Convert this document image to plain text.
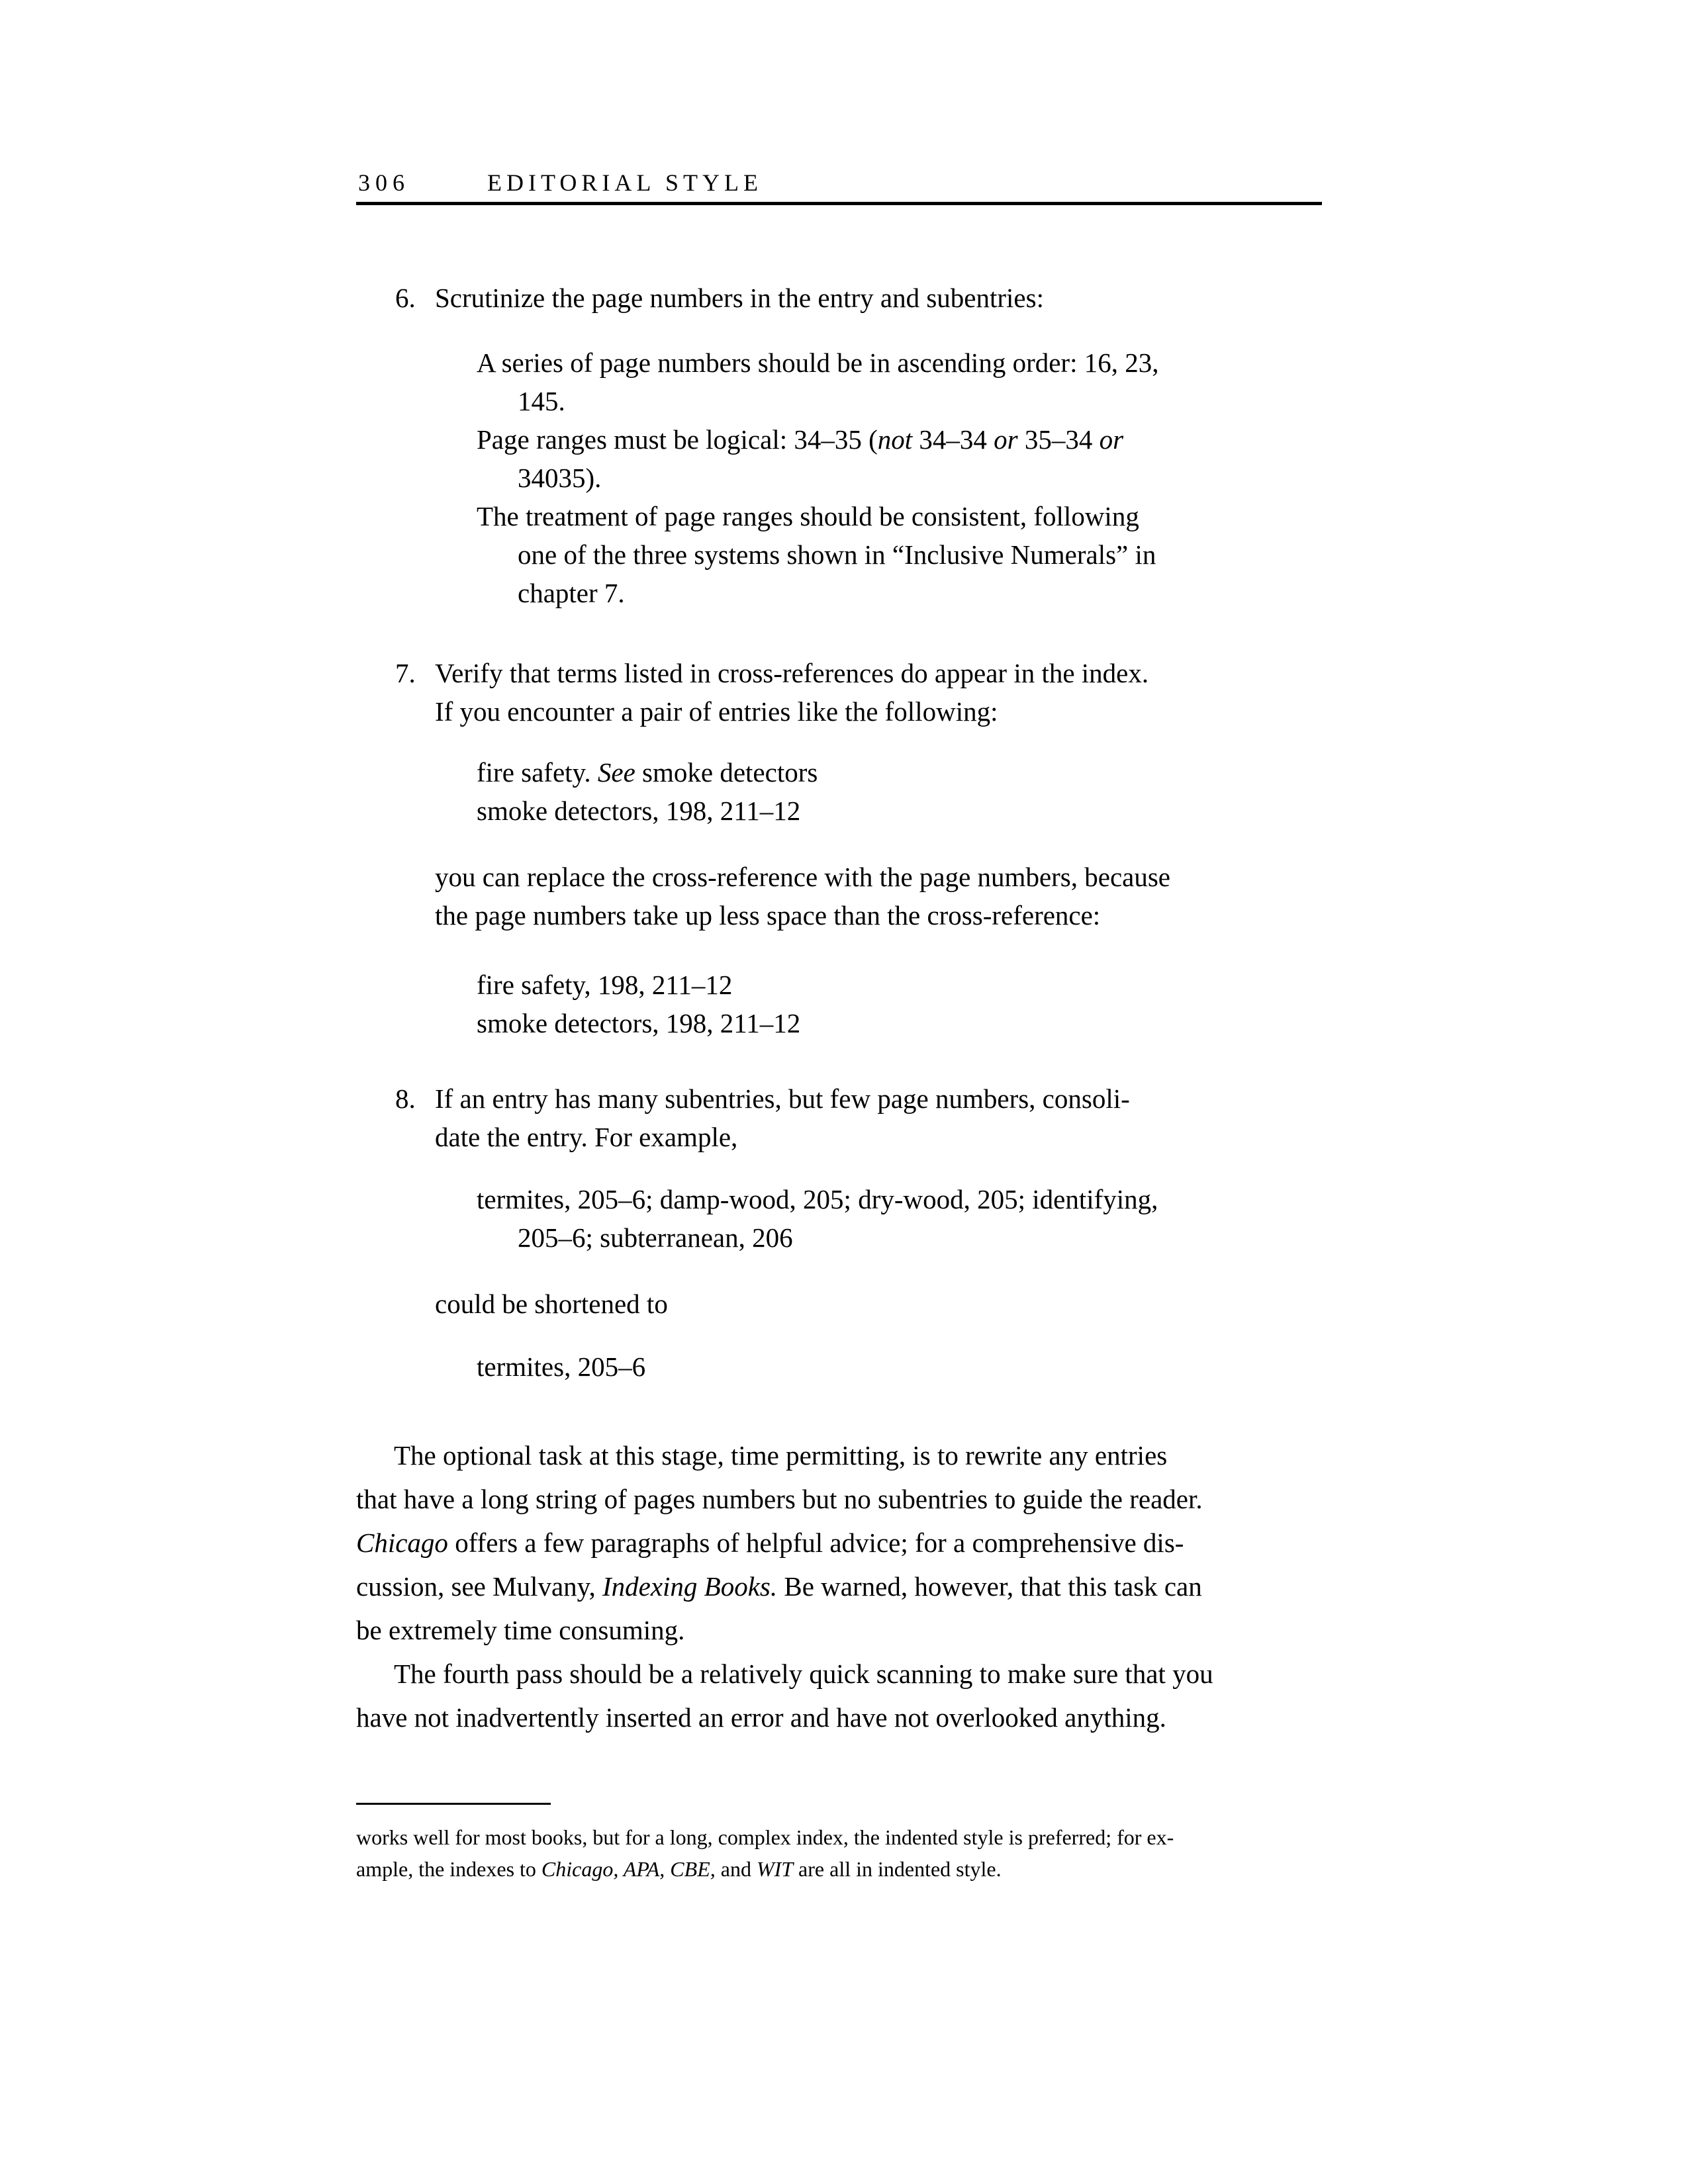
306	EDITORIAL STYLE
6. Scrutinize the page numbers in the entry and subentries:
A series of page numbers should be in ascending order: 16, 23,
145.
Page ranges must be logical: 34–35 (not 34–34 or 35–34 or
34035).
The treatment of page ranges should be consistent, following
one of the three systems shown in “Inclusive Numerals” in
chapter 7.
7. Verify that terms listed in cross-references do appear in the index.
If you encounter a pair of entries like the following:
fire safety. See smoke detectors
smoke detectors, 198, 211–12
you can replace the cross-reference with the page numbers, because
the page numbers take up less space than the cross-reference:
fire safety, 198, 211–12
smoke detectors, 198, 211–12
8. If an entry has many subentries, but few page numbers, consoli-
date the entry. For example,
termites, 205–6; damp-wood, 205; dry-wood, 205; identifying,
205–6; subterranean, 206
could be shortened to
termites, 205–6
The optional task at this stage, time permitting, is to rewrite any entries
that have a long string of pages numbers but no subentries to guide the reader.
Chicago offers a few paragraphs of helpful advice; for a comprehensive dis-
cussion, see Mulvany, Indexing Books. Be warned, however, that this task can
be extremely time consuming.
The fourth pass should be a relatively quick scanning to make sure that you
have not inadvertently inserted an error and have not overlooked anything.
works well for most books, but for a long, complex index, the indented style is preferred; for ex-
ample, the indexes to Chicago, APA, CBE, and WIT are all in indented style.
